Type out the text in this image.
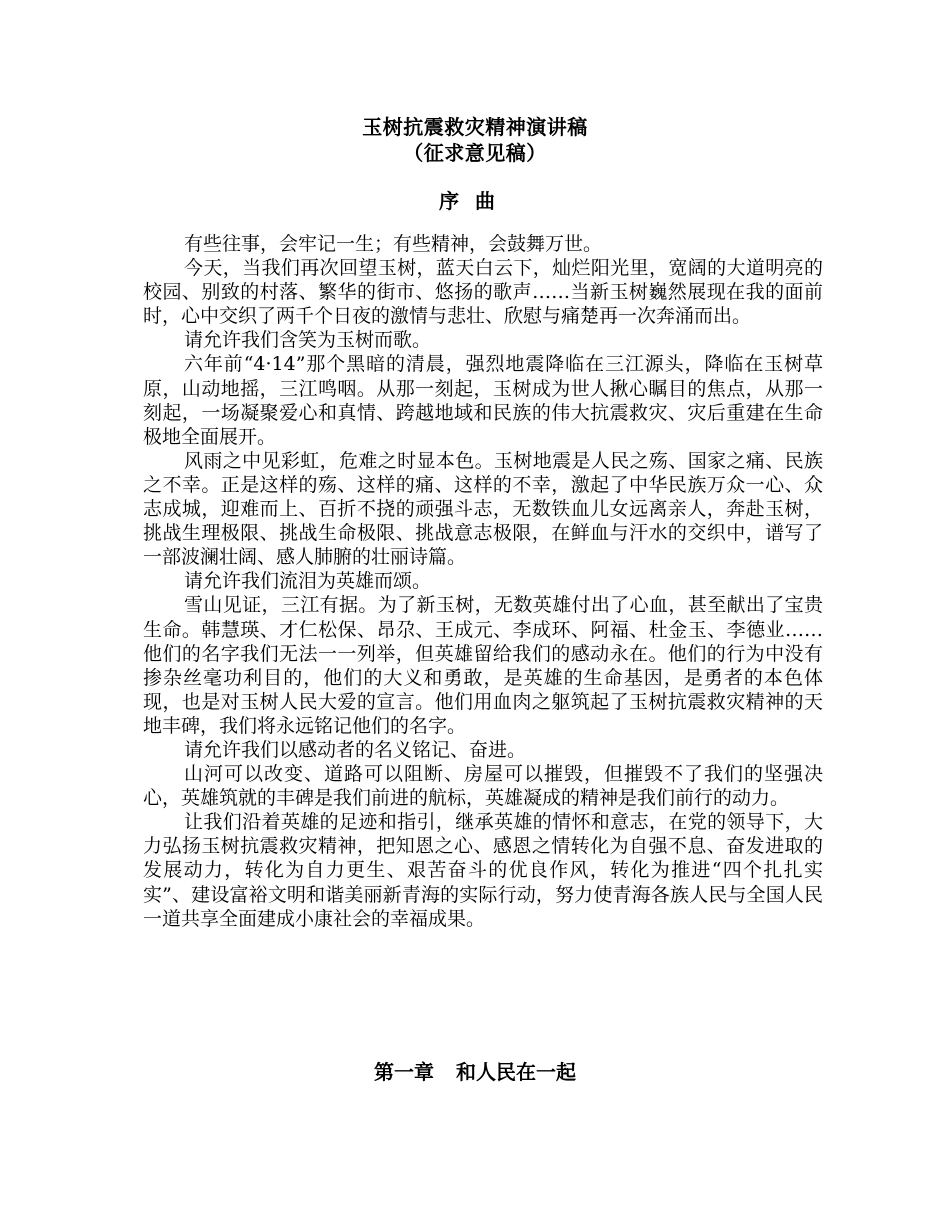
玉树抗震救灾精神演讲稿
（征求意见稿）
序曲

有些往事，会牢记一生；有些精神，会鼓舞万世。

今天，当我们再次回望玉树，蓝天白云下，灿烂阳光里，宽阔的大道明亮的校园、别致的村落、繁华的街市、悠扬的歌声……当新玉树巍然展现在我的面前时，心中交织了两千个日夜的激情与悲壮、欣慰与痛楚再一次奔涌而出。

请允许我们含笑为玉树而歌。

六年前“4·14”那个黑暗的清晨，强烈地震降临在三江源头，降临在玉树草原，山动地摇，三江鸣咽。从那一刻起，玉树成为世人揪心瞩目的焦点，从那一刻起，一场凝聚爱心和真情、跨越地域和民族的伟大抗震救灾、灾后重建在生命极地全面展开。

风雨之中见彩虹，危难之时显本色。玉树地震是人民之殇、国家之痛、民族之不幸。正是这样的殇、这样的痛、这样的不幸，激起了中华民族万众一心、众志成城，迎难而上、百折不挠的顽强斗志，无数铁血儿女远离亲人，奔赴玉树，挑战生理极限、挑战生命极限、挑战意志极限，在鲜血与汗水的交织中，谱写了一部波澜壮阔、感人肺腑的壮丽诗篇。

请允许我们流泪为英雄而颂。

雪山见证，三江有据。为了新玉树，无数英雄付出了心血，甚至献出了宝贵生命。韩慧瑛、才仁松保、昂尕、王成元、李成环、阿福、杜金玉、李德业……他们的名字我们无法一一列举，但英雄留给我们的感动永在。他们的行为中没有掺杂丝毫功利目的，他们的大义和勇敢，是英雄的生命基因，是勇者的本色体现，也是对玉树人民大爱的宣言。他们用血肉之躯筑起了玉树抗震救灾精神的天地丰碑，我们将永远铭记他们的名字。

请允许我们以感动者的名义铭记、奋进。

山河可以改变、道路可以阻断、房屋可以摧毁，但摧毁不了我们的坚强决心，英雄筑就的丰碑是我们前进的航标，英雄凝成的精神是我们前行的动力。

让我们沿着英雄的足迹和指引，继承英雄的情怀和意志，在党的领导下，大力弘扬玉树抗震救灾精神，把知恩之心、感恩之情转化为自强不息、奋发进取的发展动力，转化为自力更生、艰苦奋斗的优良作风，转化为推进“四个扎扎实实”、建设富裕文明和谐美丽新青海的实际行动，努力使青海各族人民与全国人民一道共享全面建成小康社会的幸福成果。

第一章 和人民在一起
